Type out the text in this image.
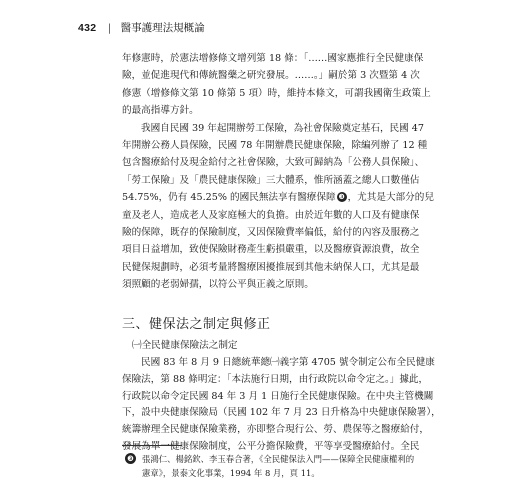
432 | 醫事護理法規概論

年修憲時，於憲法增修條文增列第 18 條：「……國家應推行全民健康保
險，並促進現代和傳統醫藥之研究發展。……。」嗣於第 3 次暨第 4 次
修憲（增修條文第 10 條第 5 項）時，維持本條文，可謂我國衛生政策上
的最高指導方針。

我國自民國 39 年起開辦勞工保險，為社會保險奠定基石，民國 47
年開辦公務人員保險，民國 78 年開辦農民健康保險，除編列辦了 12 種
包含醫療給付及現金給付之社會保險，大致可歸納為「公務人員保險」、
「勞工保險」及「農民健康保險」三大體系，惟所涵蓋之總人口數僅佔
54.75%，仍有 45.25% 的國民無法享有醫療保障 ❸ ，尤其是大部分的兒
童及老人，造成老人及家庭極大的負擔。由於近年數的人口及有健康保
險的保障，既存的保險制度，又因保險費率偏低，給付的內容及服務之
項目日益增加，致使保險財務產生虧損嚴重，以及醫療資源浪費，故全
民健保規劃時，必須考量將醫療困擾推展到其他未納保人口，尤其是最
須照顧的老弱婦孺，以符公平與正義之原則。

三、健保法之制定與修正
㈠全民健康保險法之制定
民國 83 年 8 月 9 日總統華總㈠義字第 4705 號令制定公布全民健康
保險法，第 88 條明定：「本法施行日期，由行政院以命令定之。」據此，
行政院以命令定民國 84 年 3 月 1 日施行全民健康保險。在中央主管機關
下，設中央健康保險局（民國 102 年 7 月 23 日升格為中央健康保險署），
統籌辦理全民健康保險業務，亦即整合現行公、勞、農保等之醫療給付，
發展為單一健康保險制度，公平分擔保險費，平等享受醫療給付。全民
❸ 張鴻仁、楊銘欽、李玉春合著，《全民健保法入門——保障全民健康權利的
憲章》，景泰文化事業，1994 年 8 月，頁 11。
